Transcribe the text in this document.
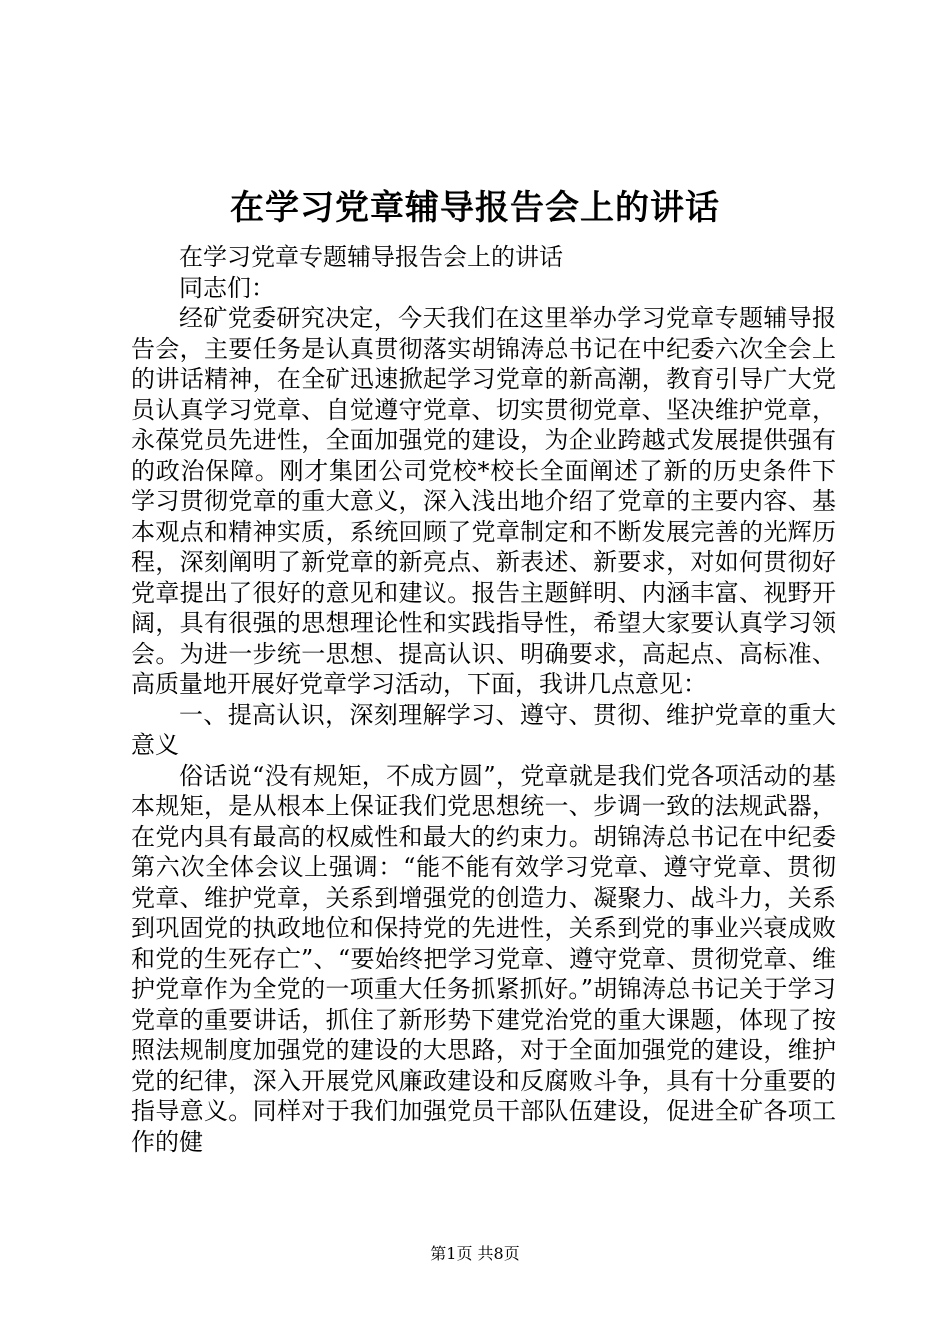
在学习党章辅导报告会上的讲话

在学习党章专题辅导报告会上的讲话

同志们：

经矿党委研究决定，今天我们在这里举办学习党章专题辅导报告会，主要任务是认真贯彻落实胡锦涛总书记在中纪委六次全会上的讲话精神，在全矿迅速掀起学习党章的新高潮，教育引导广大党员认真学习党章、自觉遵守党章、切实贯彻党章、坚决维护党章，永葆党员先进性，全面加强党的建设，为企业跨越式发展提供强有的政治保障。刚才集团公司党校*校长全面阐述了新的历史条件下学习贯彻党章的重大意义，深入浅出地介绍了党章的主要内容、基本观点和精神实质，系统回顾了党章制定和不断发展完善的光辉历程，深刻阐明了新党章的新亮点、新表述、新要求，对如何贯彻好党章提出了很好的意见和建议。报告主题鲜明、内涵丰富、视野开阔，具有很强的思想理论性和实践指导性，希望大家要认真学习领会。为进一步统一思想、提高认识、明确要求，高起点、高标准、高质量地开展好党章学习活动，下面，我讲几点意见：

一、提高认识，深刻理解学习、遵守、贯彻、维护党章的重大意义

俗话说“没有规矩，不成方圆”，党章就是我们党各项活动的基本规矩，是从根本上保证我们党思想统一、步调一致的法规武器，在党内具有最高的权威性和最大的约束力。胡锦涛总书记在中纪委第六次全体会议上强调：“能不能有效学习党章、遵守党章、贯彻党章、维护党章，关系到增强党的创造力、凝聚力、战斗力，关系到巩固党的执政地位和保持党的先进性，关系到党的事业兴衰成败和党的生死存亡”、“要始终把学习党章、遵守党章、贯彻党章、维护党章作为全党的一项重大任务抓紧抓好。”胡锦涛总书记关于学习党章的重要讲话，抓住了新形势下建党治党的重大课题，体现了按照法规制度加强党的建设的大思路，对于全面加强党的建设，维护党的纪律，深入开展党风廉政建设和反腐败斗争，具有十分重要的指导意义。同样对于我们加强党员干部队伍建设，促进全矿各项工作的健

第1页 共8页
